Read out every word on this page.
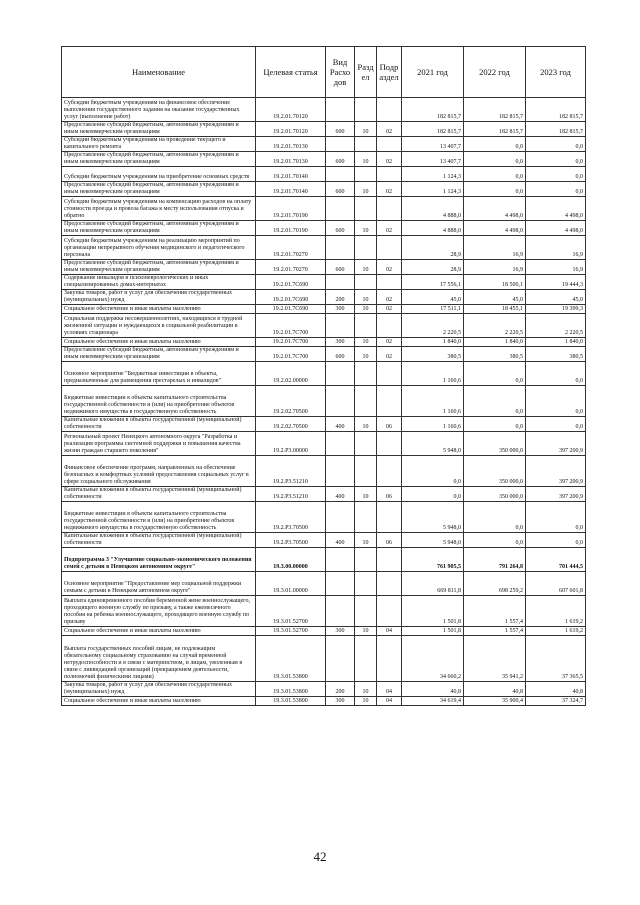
Наименование	Целевая статья	Вид Расхо дов	Разд ел	Подр аздел	2021 год	2022 год	2023 год
Субсидии бюджетным учреждениям на финансовое обеспечение выполнения государственного задания на оказание государственных услуг (выполнение работ)	19.2.01.70120				182 815,7	182 815,7	182 815,7
Предоставление субсидий бюджетным, автономным учреждениям и иным некоммерческим организациям	19.2.01.70120	600	10	02	182 815,7	182 815,7	182 815,7
Субсидии бюджетным учреждениям на проведение текущего и капитального ремонта	19.2.01.70130				13 407,7	0,0	0,0
Предоставление субсидий бюджетным, автономным учреждениям и иным некоммерческим организациям	19.2.01.70130	600	10	02	13 407,7	0,0	0,0
Субсидии бюджетным учреждениям на приобретение основных средств	19.2.01.70140				1 124,3	0,0	0,0
Предоставление субсидий бюджетным, автономным учреждениям и иным некоммерческим организациям	19.2.01.70140	600	10	02	1 124,3	0,0	0,0
Субсидии бюджетным учреждениям на компенсацию расходов на оплату стоимости проезда и провоза багажа к месту использования отпуска и обратно	19.2.01.70190				4 888,0	4 498,0	4 498,0
Предоставление субсидий бюджетным, автономным учреждениям и иным некоммерческим организациям	19.2.01.70190	600	10	02	4 888,0	4 498,0	4 498,0
Субсидии бюджетным учреждениям на реализацию мероприятий по организации непрерывного обучения медицинского и педагогического персонала	19.2.01.70270				28,9	16,9	16,9
Предоставление субсидий бюджетным, автономным учреждениям и иным некоммерческим организациям	19.2.01.70270	600	10	02	28,9	16,9	16,9
Содержание инвалидов в психоневрологических и иных специализированных домах-интернатах	19.2.01.7C690				17 556,1	18 500,1	19 444,3
Закупка товаров, работ и услуг для обеспечения государственных (муниципальных) нужд	19.2.01.7C690	200	10	02	45,0	45,0	45,0
Социальное обеспечение и иные выплаты населению	19.2.01.7C690	300	10	02	17 511,1	18 455,1	19 399,3
Социальная поддержка несовершеннолетних, находящихся в трудной жизненной ситуации и нуждающихся в социальной реабилитации в условиях стационара	19.2.01.7C700				2 220,5	2 220,5	2 220,5
Социальное обеспечение и иные выплаты населению	19.2.01.7C700	300	10	02	1 840,0	1 840,0	1 840,0
Предоставление субсидий бюджетным, автономным учреждениям и иным некоммерческим организациям	19.2.01.7C700	600	10	02	380,5	380,5	380,5
Основное мероприятие "Бюджетные инвестиции в объекты, предназначенные для размещения престарелых и инвалидов"	19.2.02.00000				1 160,6	0,0	0,0
Бюджетные инвестиции в объекты капитального строительства государственной собственности и (или) на приобретение объектов недвижимого имущества в государственную собственность	19.2.02.70500				1 160,6	0,0	0,0
Капитальные вложения в объекты государственной (муниципальной) собственности	19.2.02.70500	400	10	06	1 160,6	0,0	0,0
Региональный проект Ненецкого автономного округа "Разработка и реализация программы системной поддержки и повышения качества жизни граждан старшего поколения"	19.2.P3.00000				5 948,0	350 000,0	397 200,9
Финансовое обеспечение программ, направленных на обеспечение безопасных и комфортных условий предоставления социальных услуг в сфере социального обслуживания	19.2.P3.51210				0,0	350 000,0	397 200,9
Капитальные вложения в объекты государственной (муниципальной) собственности	19.2.P3.51210	400	10	06	0,0	350 000,0	397 200,9
Бюджетные инвестиции в объекты капитального строительства государственной собственности и (или) на приобретение объектов недвижимого имущества в государственную собственность	19.2.P3.70500				5 948,0	0,0	0,0
Капитальные вложения в объекты государственной (муниципальной) собственности	19.2.P3.70500	400	10	06	5 948,0	0,0	0,0
Подпрограмма 3 "Улучшение социально-экономического положения семей с детьми в Ненецком автономном округе"	19.3.00.00000				761 905,5	791 264,8	701 444,5
Основное мероприятие "Предоставление мер социальной поддержки семьям с детьми в Ненецком автономном округе"	19.3.01.00000				669 811,8	698 259,2	607 601,8
Выплата единовременного пособия беременной жене военнослужащего, проходящего военную службу по призыву, а также ежемесячного пособия на ребенка военнослужащего, проходящего военную службу по призыву	19.3.01.52700				1 501,8	1 557,4	1 619,2
Социальное обеспечение и иные выплаты населению	19.3.01.52700	300	10	04	1 501,8	1 557,4	1 619,2
Выплата государственных пособий лицам, не подлежащим обязательному социальному страхованию на случай временной нетрудоспособности и в связи с материнством, и лицам, уволенным в связи с ликвидацией организаций (прекращением деятельности, полномочий физическими лицами)	19.3.01.53800				34 660,2	35 941,2	37 365,5
Закупка товаров, работ и услуг для обеспечения государственных (муниципальных) нужд	19.3.01.53800	200	10	04	40,8	40,8	40,8
Социальное обеспечение и иные выплаты населению	19.3.01.53800	300	10	04	34 619,4	35 900,4	37 324,7
42
